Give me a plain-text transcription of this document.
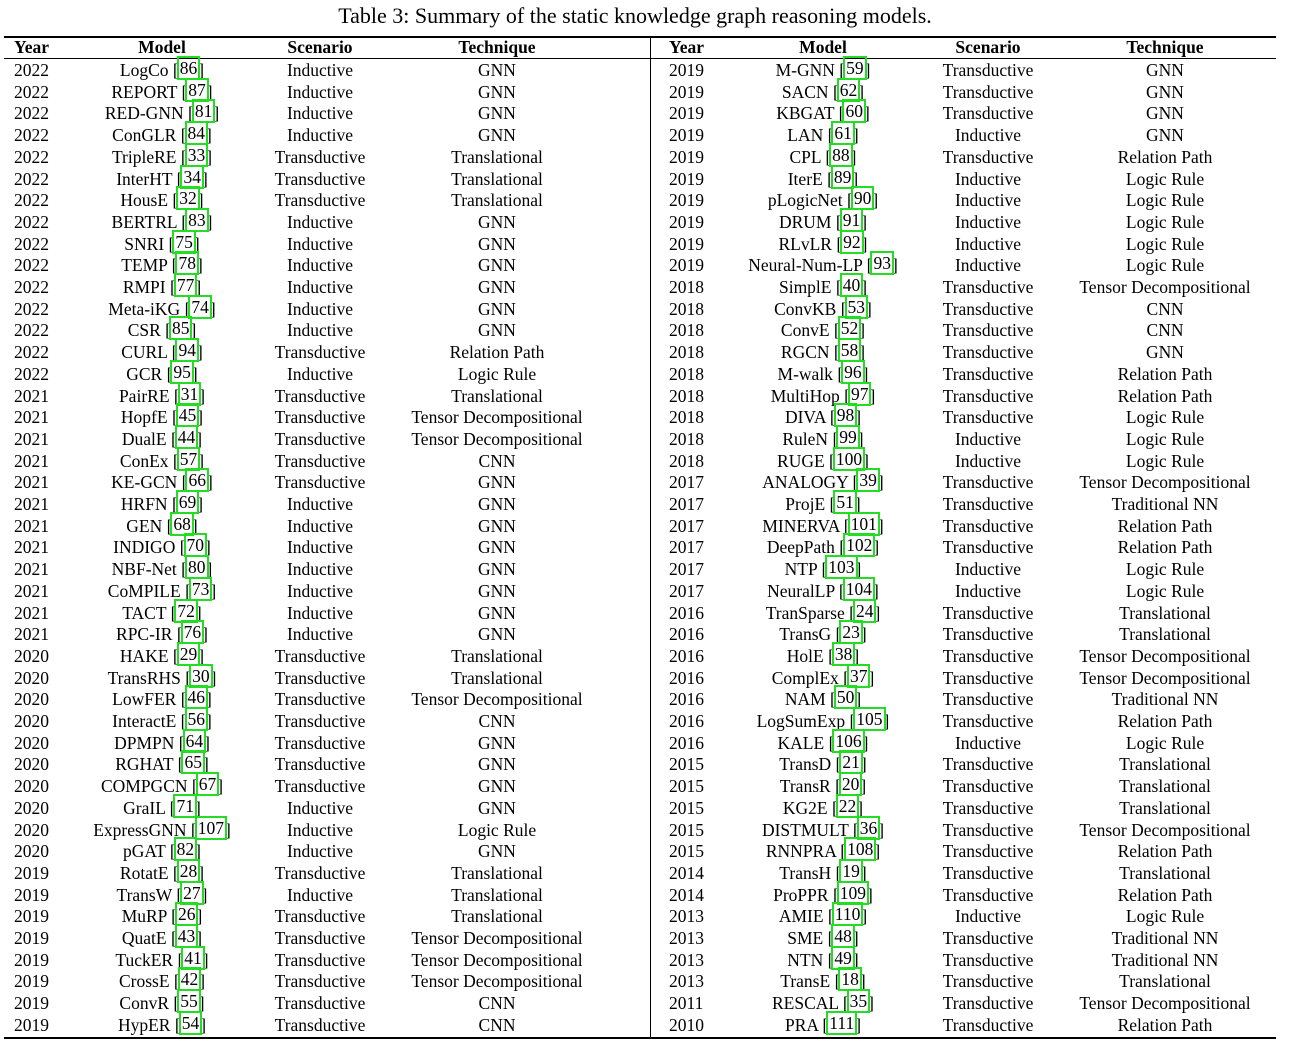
Table 3: Summary of the static knowledge graph reasoning models.
Year	Model	Scenario	Technique
2022	LogCo [86]	Inductive	GNN
2022	REPORT [87]	Inductive	GNN
2022	RED-GNN [81]	Inductive	GNN
2022	ConGLR [84]	Inductive	GNN
2022	TripleRE [33]	Transductive	Translational
2022	InterHT [34]	Transductive	Translational
2022	HousE [32]	Transductive	Translational
2022	BERTRL [83]	Inductive	GNN
2022	SNRI [75]	Inductive	GNN
2022	TEMP [78]	Inductive	GNN
2022	RMPI [77]	Inductive	GNN
2022	Meta-iKG [74]	Inductive	GNN
2022	CSR [85]	Inductive	GNN
2022	CURL [94]	Transductive	Relation Path
2022	GCR [95]	Inductive	Logic Rule
2021	PairRE [31]	Transductive	Translational
2021	HopfE [45]	Transductive	Tensor Decompositional
2021	DualE [44]	Transductive	Tensor Decompositional
2021	ConEx [57]	Transductive	CNN
2021	KE-GCN [66]	Transductive	GNN
2021	HRFN [69]	Inductive	GNN
2021	GEN [68]	Inductive	GNN
2021	INDIGO [70]	Inductive	GNN
2021	NBF-Net [80]	Inductive	GNN
2021	CoMPILE [73]	Inductive	GNN
2021	TACT [72]	Inductive	GNN
2021	RPC-IR [76]	Inductive	GNN
2020	HAKE [29]	Transductive	Translational
2020	TransRHS [30]	Transductive	Translational
2020	LowFER [46]	Transductive	Tensor Decompositional
2020	InteractE [56]	Transductive	CNN
2020	DPMPN [64]	Transductive	GNN
2020	RGHAT [65]	Transductive	GNN
2020	COMPGCN [67]	Transductive	GNN
2020	GraIL [71]	Inductive	GNN
2020	ExpressGNN [107]	Inductive	Logic Rule
2020	pGAT [82]	Inductive	GNN
2019	RotatE [28]	Transductive	Translational
2019	TransW [27]	Inductive	Translational
2019	MuRP [26]	Transductive	Translational
2019	QuatE [43]	Transductive	Tensor Decompositional
2019	TuckER [41]	Transductive	Tensor Decompositional
2019	CrossE [42]	Transductive	Tensor Decompositional
2019	ConvR [55]	Transductive	CNN
2019	HypER [54]	Transductive	CNN
Year	Model	Scenario	Technique
2019	M-GNN [59]	Transductive	GNN
2019	SACN [62]	Transductive	GNN
2019	KBGAT [60]	Transductive	GNN
2019	LAN [61]	Inductive	GNN
2019	CPL [88]	Transductive	Relation Path
2019	IterE [89]	Inductive	Logic Rule
2019	pLogicNet [90]	Inductive	Logic Rule
2019	DRUM [91]	Inductive	Logic Rule
2019	RLvLR [92]	Inductive	Logic Rule
2019	Neural-Num-LP [93]	Inductive	Logic Rule
2018	SimplE [40]	Transductive	Tensor Decompositional
2018	ConvKB [53]	Transductive	CNN
2018	ConvE [52]	Transductive	CNN
2018	RGCN [58]	Transductive	GNN
2018	M-walk [96]	Transductive	Relation Path
2018	MultiHop [97]	Transductive	Relation Path
2018	DIVA [98]	Transductive	Logic Rule
2018	RuleN [99]	Inductive	Logic Rule
2018	RUGE [100]	Inductive	Logic Rule
2017	ANALOGY [39]	Transductive	Tensor Decompositional
2017	ProjE [51]	Transductive	Traditional NN
2017	MINERVA [101]	Transductive	Relation Path
2017	DeepPath [102]	Transductive	Relation Path
2017	NTP [103]	Inductive	Logic Rule
2017	NeuralLP [104]	Inductive	Logic Rule
2016	TranSparse [24]	Transductive	Translational
2016	TransG [23]	Transductive	Translational
2016	HolE [38]	Transductive	Tensor Decompositional
2016	ComplEx [37]	Transductive	Tensor Decompositional
2016	NAM [50]	Transductive	Traditional NN
2016	LogSumExp [105]	Transductive	Relation Path
2016	KALE [106]	Inductive	Logic Rule
2015	TransD [21]	Transductive	Translational
2015	TransR [20]	Transductive	Translational
2015	KG2E [22]	Transductive	Translational
2015	DISTMULT [36]	Transductive	Tensor Decompositional
2015	RNNPRA [108]	Transductive	Relation Path
2014	TransH [19]	Transductive	Translational
2014	ProPPR [109]	Transductive	Relation Path
2013	AMIE [110]	Inductive	Logic Rule
2013	SME [48]	Transductive	Traditional NN
2013	NTN [49]	Transductive	Traditional NN
2013	TransE [18]	Transductive	Translational
2011	RESCAL [35]	Transductive	Tensor Decompositional
2010	PRA [111]	Transductive	Relation Path
